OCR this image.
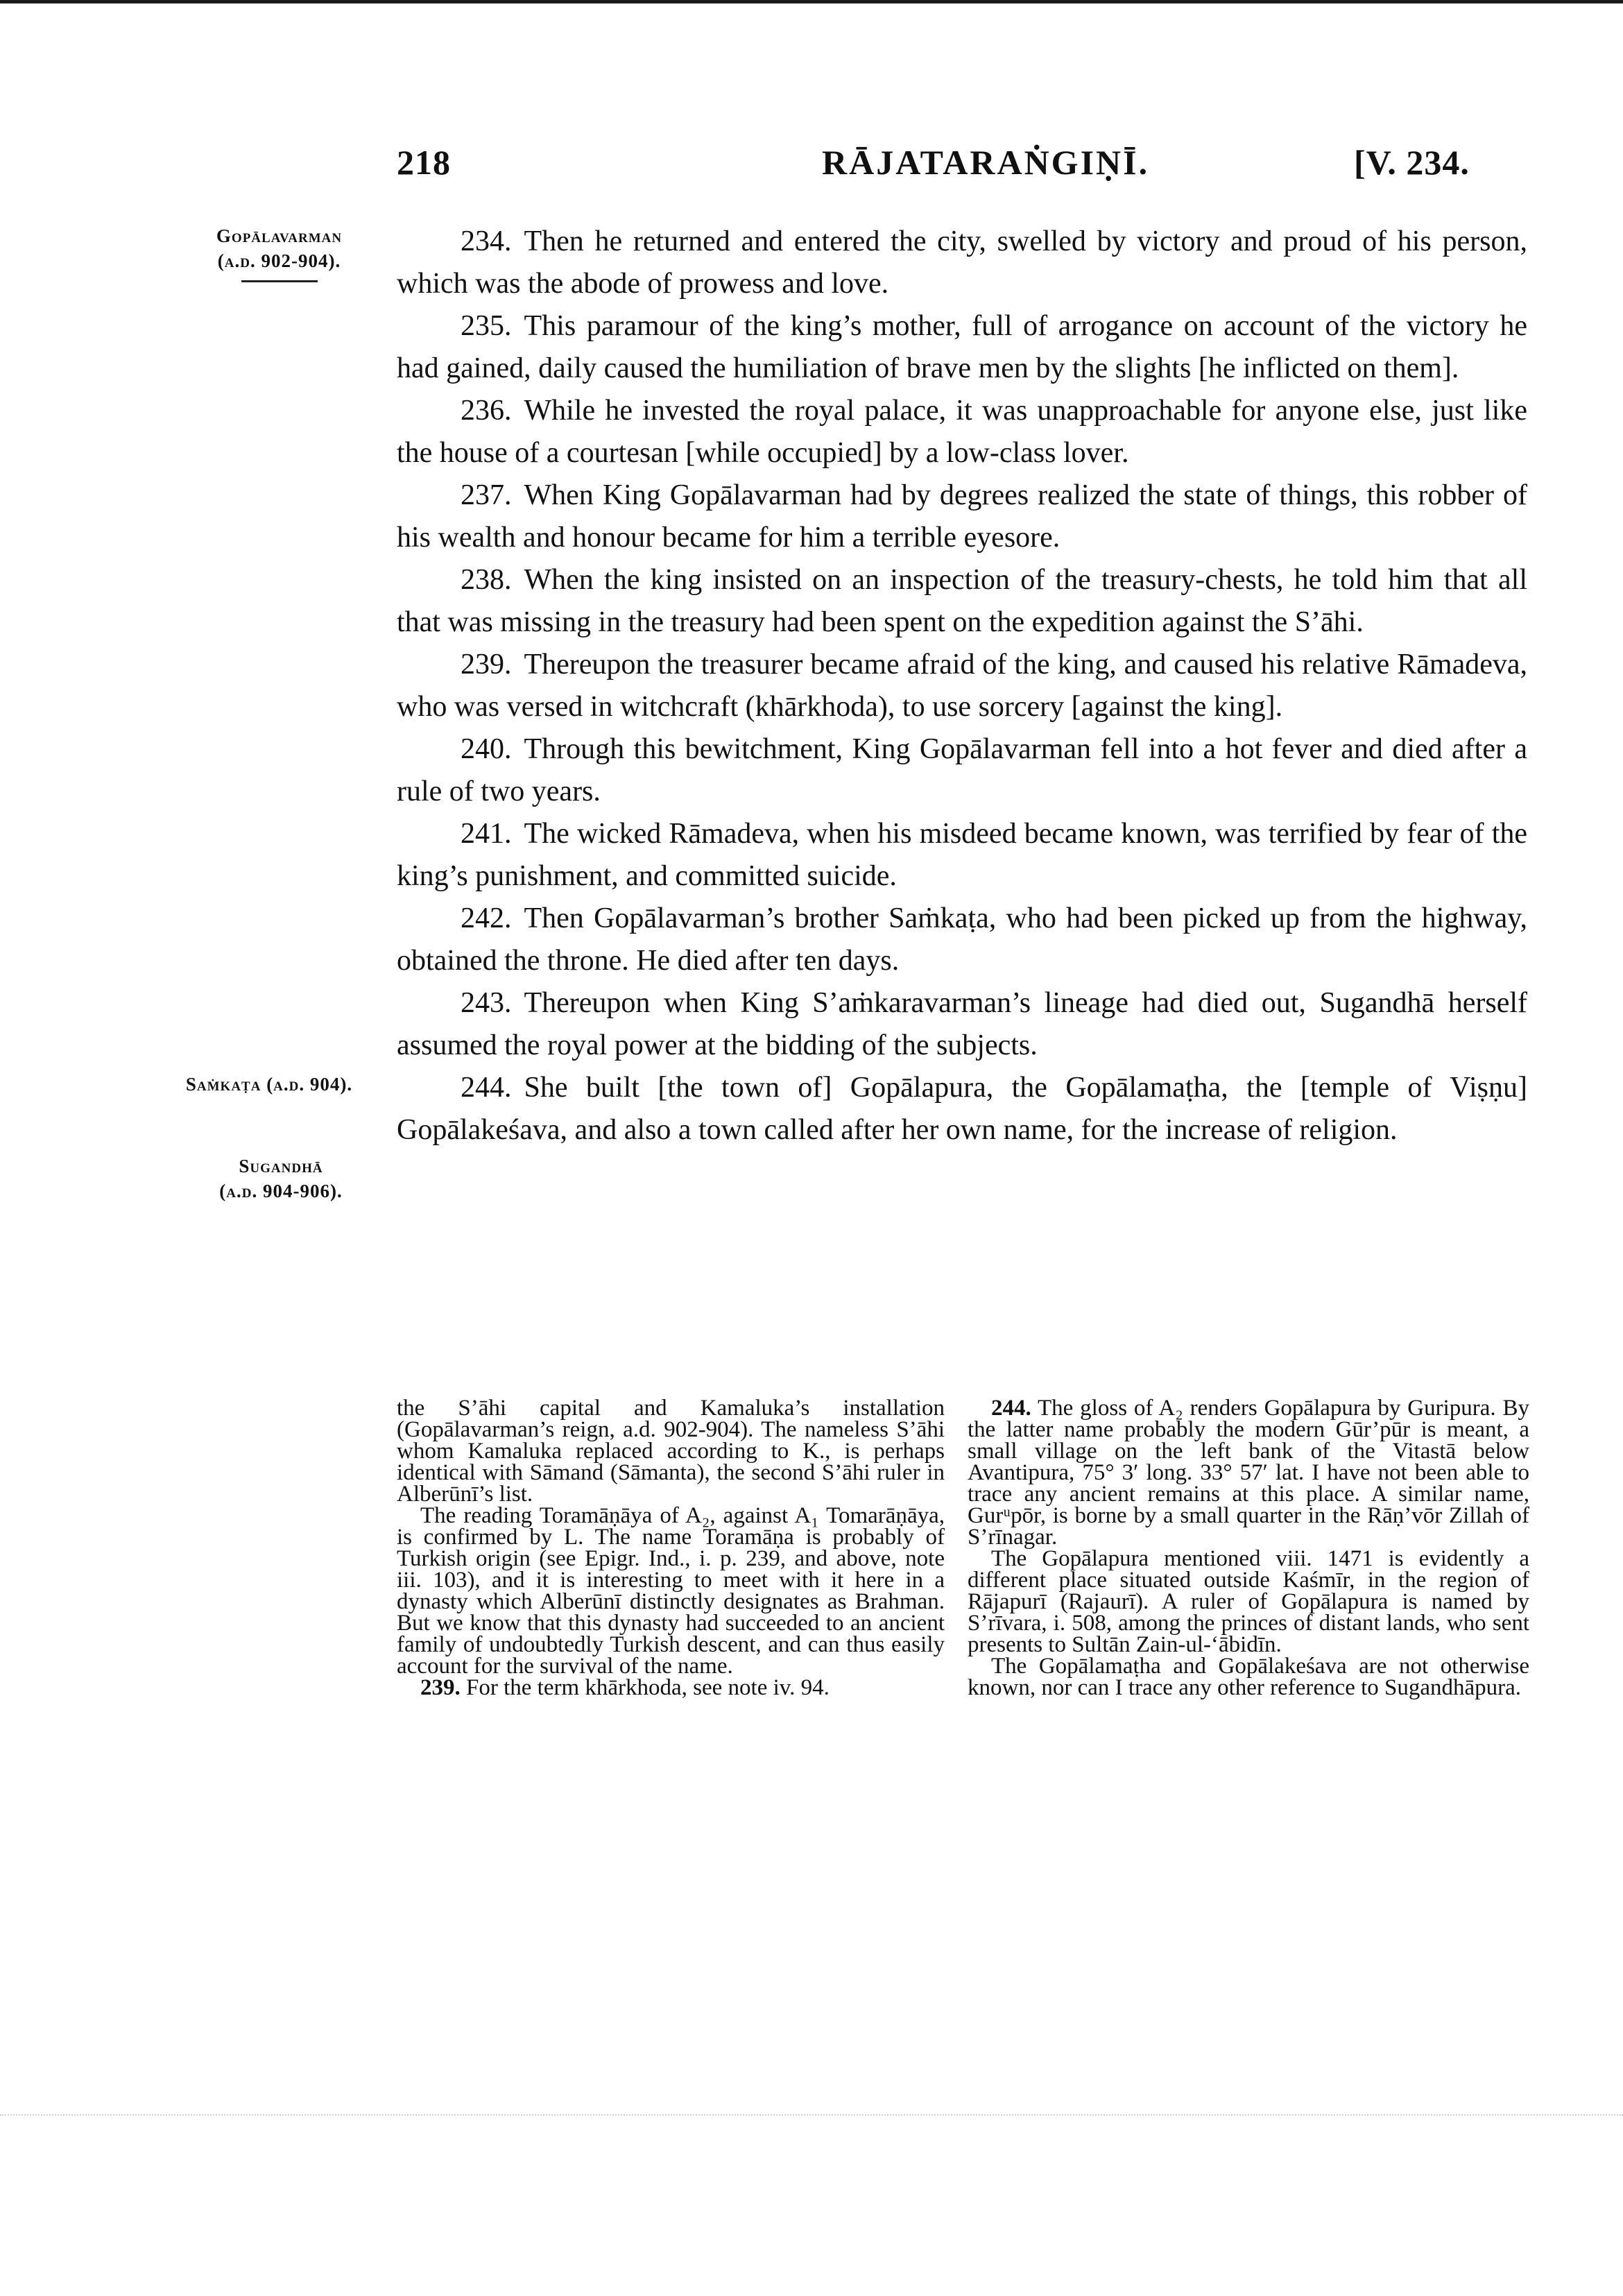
218	RĀJATARAṄGIṆĪ.	[V. 234.
Gopālavarman
(a.d. 902-904).
Saṁkaṭa (a.d. 904).
Sugandhā
(a.d. 904-906).

234. Then he returned and entered the city, swelled by victory and proud of his person, which was the abode of prowess and love.

235. This paramour of the king’s mother, full of arrogance on account of the victory he had gained, daily caused the humiliation of brave men by the slights [he inflicted on them].

236. While he invested the royal palace, it was unapproachable for anyone else, just like the house of a courtesan [while occupied] by a low-class lover.

237. When King Gopālavarman had by degrees realized the state of things, this robber of his wealth and honour became for him a terrible eyesore.

238. When the king insisted on an inspection of the treasury-chests, he told him that all that was missing in the treasury had been spent on the expedition against the S’āhi.

239. Thereupon the treasurer became afraid of the king, and caused his relative Rāmadeva, who was versed in witchcraft (khārkhoda), to use sorcery [against the king].

240. Through this bewitchment, King Gopālavarman fell into a hot fever and died after a rule of two years.

241. The wicked Rāmadeva, when his misdeed became known, was terrified by fear of the king’s punishment, and committed suicide.

242. Then Gopālavarman’s brother Saṁkaṭa, who had been picked up from the highway, obtained the throne. He died after ten days.

243. Thereupon when King S’aṁkaravarman’s lineage had died out, Sugandhā herself assumed the royal power at the bidding of the subjects.

244. She built [the town of] Gopālapura, the Gopālamaṭha, the [temple of Viṣṇu] Gopālakeśava, and also a town called after her own name, for the increase of religion.

the S’āhi capital and Kamaluka’s installation (Gopālavarman’s reign, a.d. 902-904). The nameless S’āhi whom Kamaluka replaced according to K., is perhaps identical with Sāmand (Sāmanta), the second S’āhi ruler in Alberūnī’s list.

The reading Toramāṇāya of A₂, against A₁ Tomarāṇāya, is confirmed by L. The name Toramāṇa is probably of Turkish origin (see Epigr. Ind., i. p. 239, and above, note iii. 103), and it is interesting to meet with it here in a dynasty which Alberūnī distinctly designates as Brahman. But we know that this dynasty had succeeded to an ancient family of undoubtedly Turkish descent, and can thus easily account for the survival of the name.

239. For the term khārkhoda, see note iv. 94.

244. The gloss of A₂ renders Gopālapura by Guripura. By the latter name probably the modern Gūr’pūr is meant, a small village on the left bank of the Vitastā below Avantipura, 75° 3′ long. 33° 57′ lat. I have not been able to trace any ancient remains at this place. A similar name, Gurᵘpōr, is borne by a small quarter in the Rāṇ’vōr Zillah of S’rīnagar.

The Gopālapura mentioned viii. 1471 is evidently a different place situated outside Kaśmīr, in the region of Rājapurī (Rajaurī). A ruler of Gopālapura is named by S’rīvara, i. 508, among the princes of distant lands, who sent presents to Sultān Zain-ul-‘ābidīn.

The Gopālamaṭha and Gopālakeśava are not otherwise known, nor can I trace any other reference to Sugandhāpura.
